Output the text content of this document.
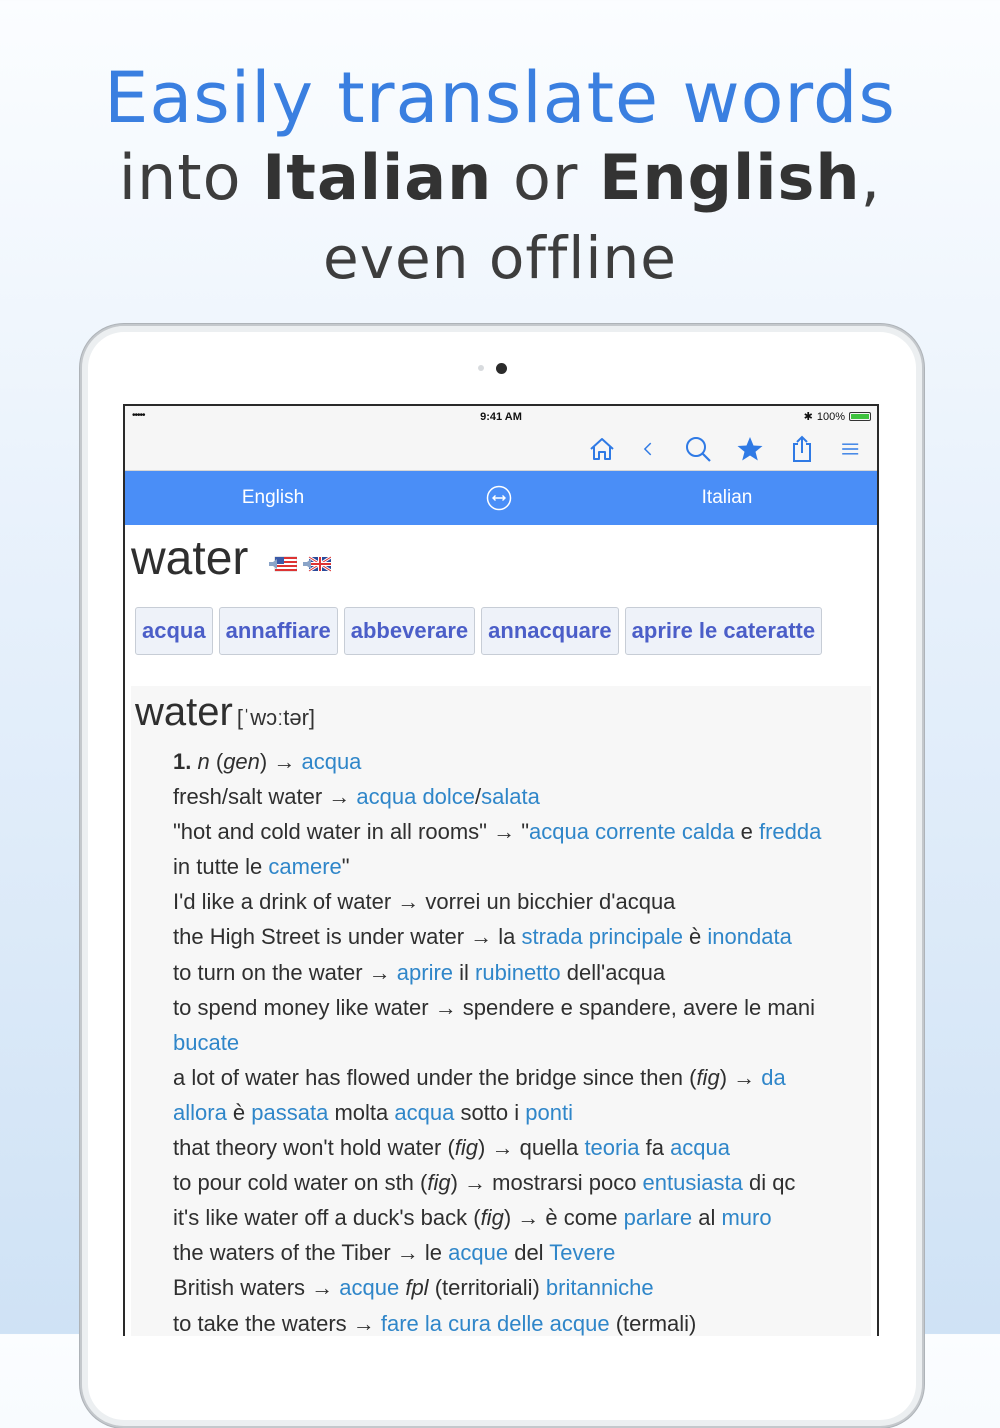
Easily translate words
into Italian or English,
even offline
•••••	9:41 AM	✱ 100%
English	Italian
water
acqua annaffiare abbeverare annacquare aprire le cateratte
water [ˈwɔːtər]
1. n (gen) → acqua
fresh/salt water → acqua dolce/salata
"hot and cold water in all rooms" → "acqua corrente calda e fredda
in tutte le camere"
I'd like a drink of water → vorrei un bicchier d'acqua
the High Street is under water → la strada principale è inondata
to turn on the water → aprire il rubinetto dell'acqua
to spend money like water → spendere e spandere, avere le mani
bucate
a lot of water has flowed under the bridge since then (fig) → da
allora è passata molta acqua sotto i ponti
that theory won't hold water (fig) → quella teoria fa acqua
to pour cold water on sth (fig) → mostrarsi poco entusiasta di qc
it's like water off a duck's back (fig) → è come parlare al muro
the waters of the Tiber → le acque del Tevere
British waters → acque fpl (territoriali) britanniche
to take the waters → fare la cura delle acque (termali)
